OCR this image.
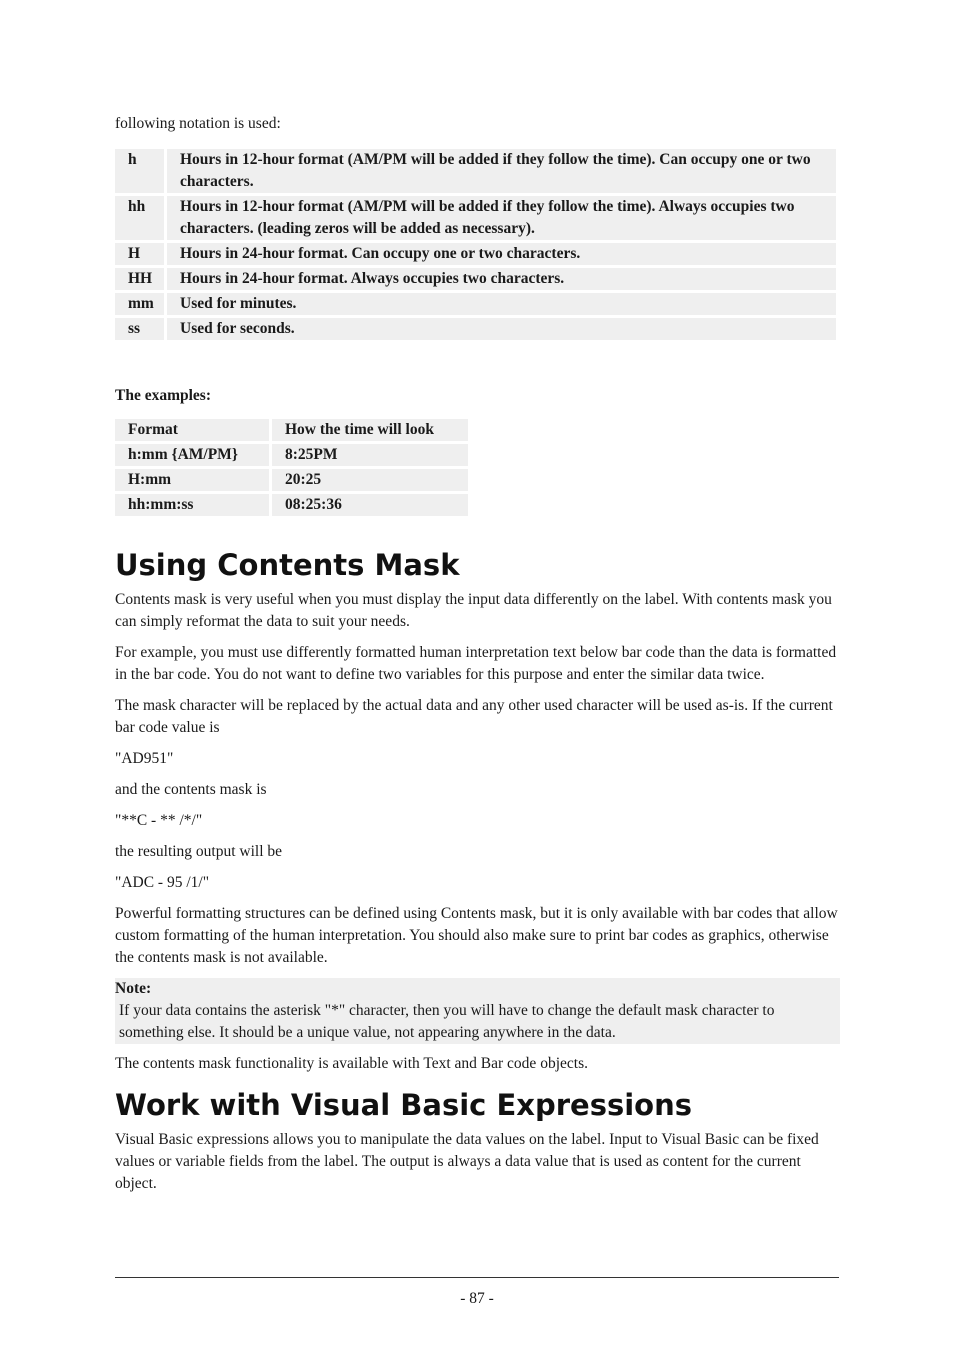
following notation is used:

h	Hours in 12-hour format (AM/PM will be added if they follow the time). Can occupy one or two characters.
hh	Hours in 12-hour format (AM/PM will be added if they follow the time). Always occupies two characters. (leading zeros will be added as necessary).
H	Hours in 24-hour format. Can occupy one or two characters.
HH	Hours in 24-hour format. Always occupies two characters.
mm	Used for minutes.
ss	Used for seconds.

The examples:

Format	How the time will look
h:mm {AM/PM}	8:25PM
H:mm	20:25
hh:mm:ss	08:25:36
Using Contents Mask

Contents mask is very useful when you must display the input data differently on the label. With contents mask you can simply reformat the data to suit your needs.

For example, you must use differently formatted human interpretation text below bar code than the data is formatted in the bar code. You do not want to define two variables for this purpose and enter the similar data twice.

The mask character will be replaced by the actual data and any other used character will be used as-is. If the current bar code value is

"AD951"

and the contents mask is

"**C - ** /*/"

the resulting output will be

"ADC - 95 /1/"

Powerful formatting structures can be defined using Contents mask, but it is only available with bar codes that allow custom formatting of the human interpretation. You should also make sure to print bar codes as graphics, otherwise the contents mask is not available.

Note:
If your data contains the asterisk "*" character, then you will have to change the default mask character to something else. It should be a unique value, not appearing anywhere in the data.

The contents mask functionality is available with Text and Bar code objects.

Work with Visual Basic Expressions

Visual Basic expressions allows you to manipulate the data values on the label. Input to Visual Basic can be fixed values or variable fields from the label. The output is always a data value that is used as content for the current object.

- 87 -
